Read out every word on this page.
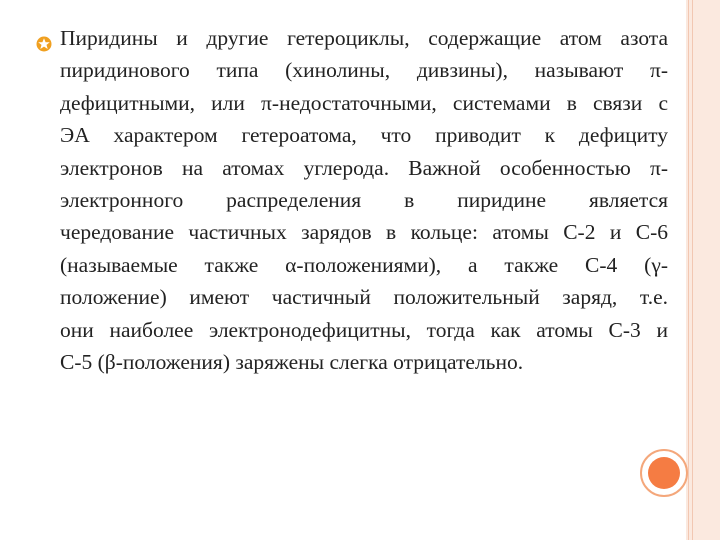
Пиридины и другие гетероциклы, содержащие атом азота
пиридинового типа (хинолины, дивзины), называют π-
дефицитными, или π-недостаточными, системами в связи с
ЭА характером гетероатома, что приводит к дефициту
электронов на атомах углерода. Важной особенностью π-
электронного распределения в пиридине является
чередование частичных зарядов в кольце: атомы С-2 и С-6
(называемые также α-положениями), а также С-4 (γ-
положение) имеют частичный положительный заряд, т.е.
они наиболее электронодефицитны, тогда как атомы С-3 и
С-5 (β-положения) заряжены слегка отрицательно.
